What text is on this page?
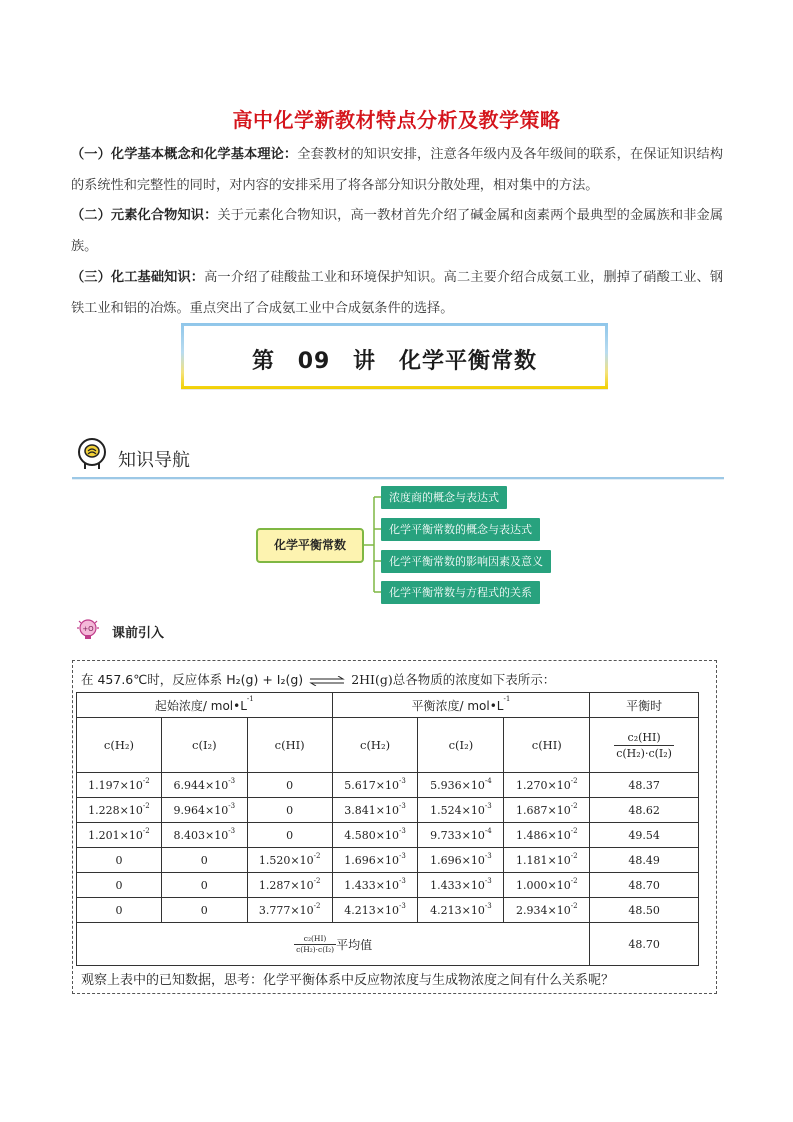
高中化学新教材特点分析及教学策略
（一）化学基本概念和化学基本理论：全套教材的知识安排，注意各年级内及各年级间的联系，在保证知识结构的系统性和完整性的同时，对内容的安排采用了将各部分知识分散处理，相对集中的方法。
（二）元素化合物知识：关于元素化合物知识，高一教材首先介绍了碱金属和卤素两个最典型的金属族和非金属族。
（三）化工基础知识：高一介绍了硅酸盐工业和环境保护知识。高二主要介绍合成氨工业，删掉了硝酸工业、钢铁工业和铝的冶炼。重点突出了合成氨工业中合成氨条件的选择。
第 09 讲　化学平衡常数
知识导航
化学平衡常数
浓度商的概念与表达式
化学平衡常数的概念与表达式
化学平衡常数的影响因素及意义
化学平衡常数与方程式的关系
+O 课前引入
在 457.6℃时，反应体系 H₂(g) + I₂(g) ⇌ 2HI(g)总各物质的浓度如下表所示：
观察上表中的已知数据，思考：化学平衡体系中反应物浓度与生成物浓度之间有什么关系呢？
起始浓度/ $mol•L^{-1}$			平衡浓度/ $mol•L^{-1}$			平衡时
c(H₂)	c(I₂)	c(HI)	c(H₂)	c(I₂)	c(HI)	$\frac{\text{c₂(HI)}}{\text{c(H₂)·c(I₂)}}$

$1.197\times 10^{-2}$	$6.944\times 10^{-3}$	0	$5.617\times 10^{-3}$	$5.936\times 10^{-4}$	$1.270\times 10^{-2}$	48.37
$1.228\times 10^{-2}$	$9.964\times 10^{-3}$	0	$3.841\times 10^{-3}$	$1.524\times 10^{-3}$	$1.687\times 10^{-2}$	48.62
$1.201\times 10^{-2}$	$8.403\times 10^{-3}$	0	$4.580\times 10^{-3}$	$9.733\times 10^{-4}$	$1.486\times 10^{-2}$	49.54
0	0	$1.520\times 10^{-2}$	$1.696\times 10^{-3}$	$1.696\times 10^{-3}$	$1.181\times 10^{-2}$	48.49
0	0	$1.287\times 10^{-2}$	$1.433\times 10^{-3}$	$1.433\times 10^{-3}$	$1.000\times 10^{-2}$	48.70
0	0	$3.777\times 10^{-2}$	$4.213\times 10^{-3}$	$4.213\times 10^{-3}$	$2.934\times 10^{-2}$	48.50

$\frac{\text{c₂(HI)}}{\text{c(H₂)·c(I₂)}}$ 平均值						48.70
